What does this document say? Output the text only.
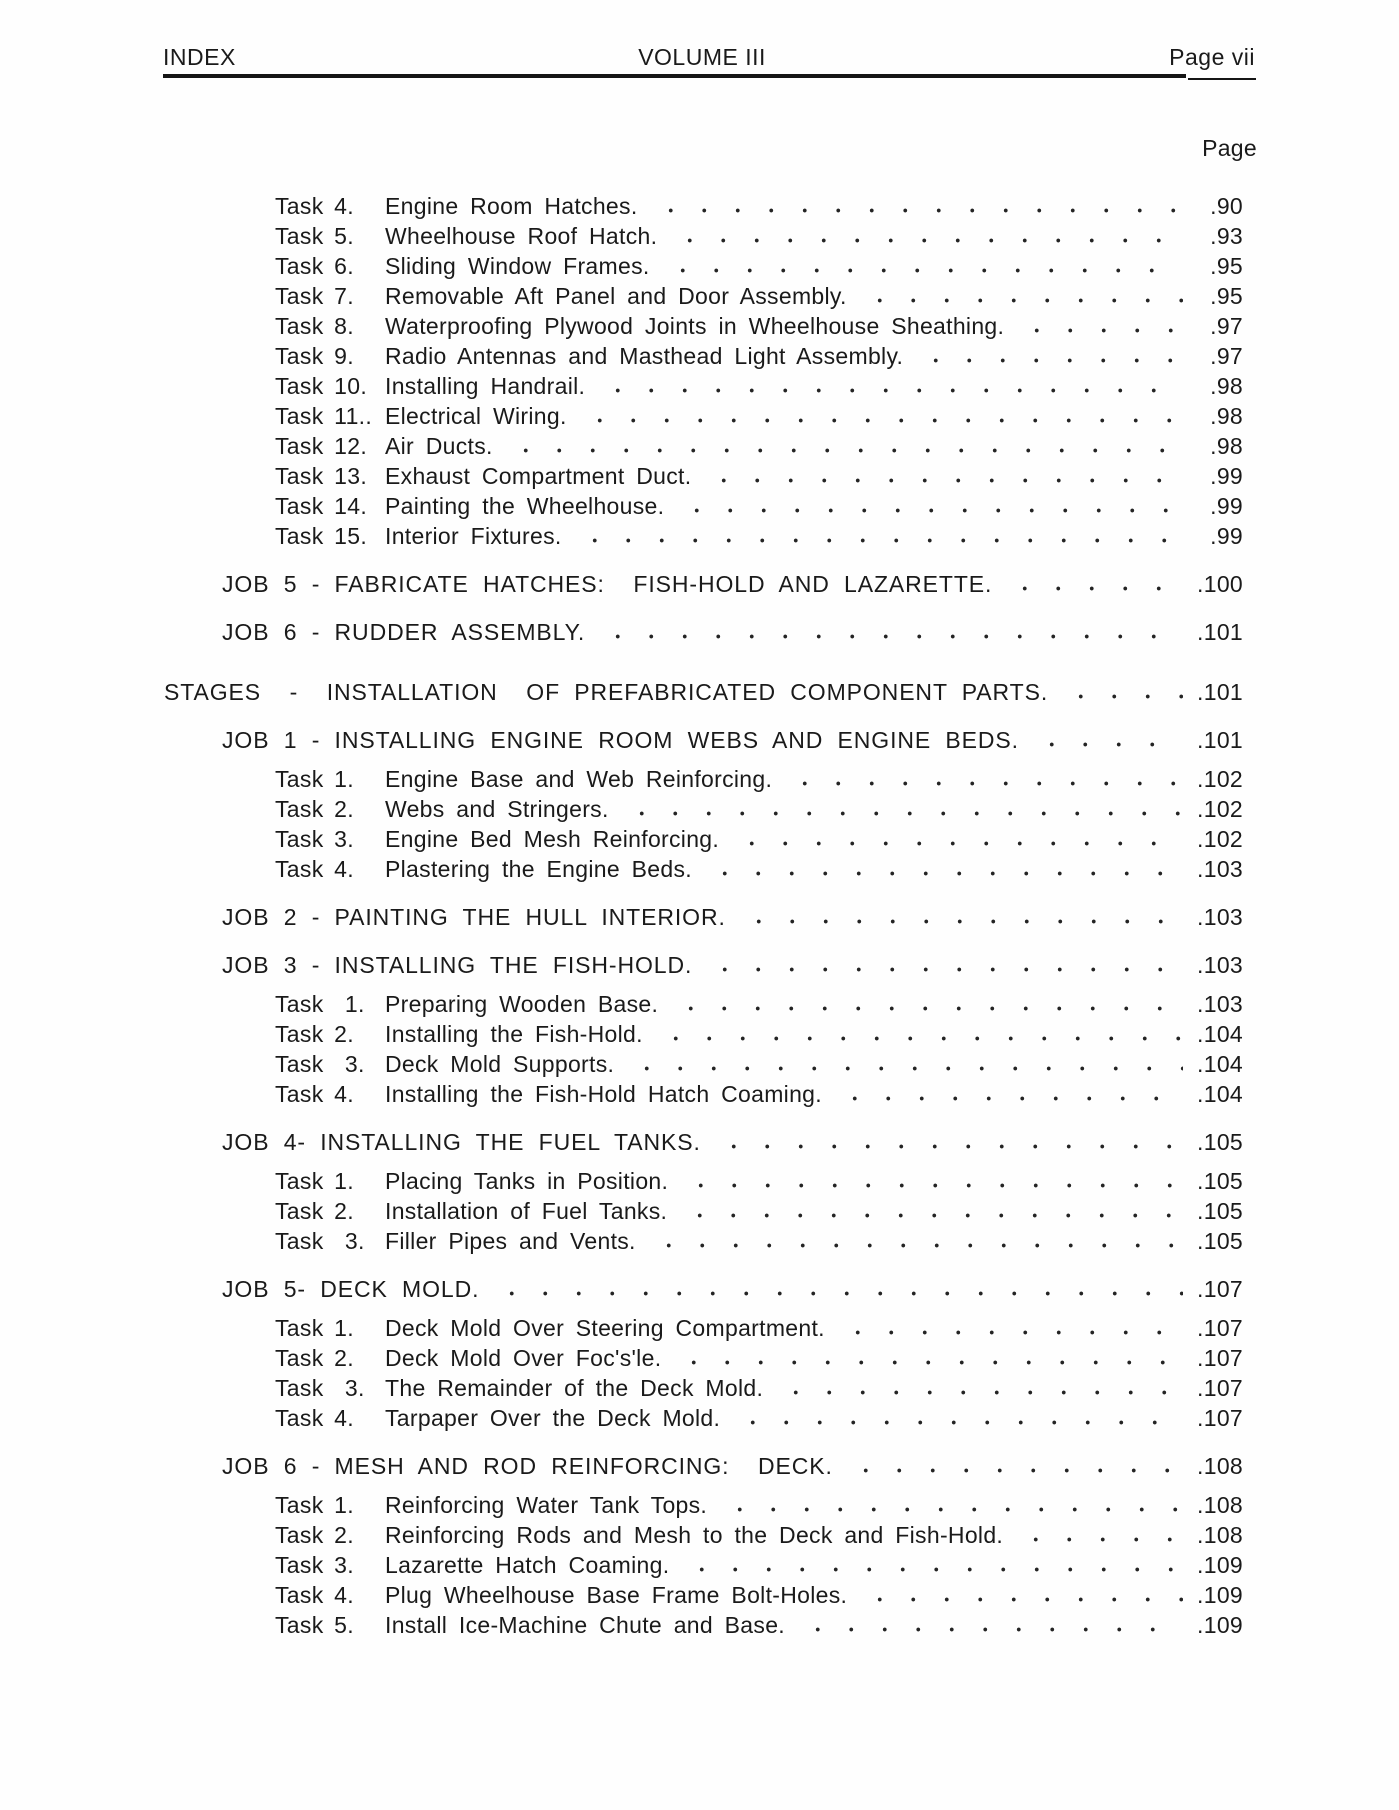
INDEX	VOLUME III	Page vii
Page
Task 4.	Engine Room Hatches.	.90
Task 5.	Wheelhouse Roof Hatch.	.93
Task 6.	Sliding Window Frames.	.95
Task 7.	Removable Aft Panel and Door Assembly.	.95
Task 8.	Waterproofing Plywood Joints in Wheelhouse Sheathing.	.97
Task 9.	Radio Antennas and Masthead Light Assembly.	.97
Task 10. Installing Handrail.	.98
Task 11.. Electrical Wiring.	.98
Task 12. Air Ducts.	.98
Task 13. Exhaust Compartment Duct.	.99
Task 14. Painting the Wheelhouse.	.99
Task 15. Interior Fixtures.	.99
JOB 5 - FABRICATE HATCHES:  FISH-HOLD AND LAZARETTE.	.100
JOB 6 - RUDDER ASSEMBLY.	.101
STAGES  -  INSTALLATION  OF PREFABRICATED COMPONENT PARTS.	.101
JOB 1 - INSTALLING ENGINE ROOM WEBS AND ENGINE BEDS.	.101
Task 1.	Engine Base and Web Reinforcing.	.102
Task 2.	Webs and Stringers.	.102
Task 3.	Engine Bed Mesh Reinforcing.	.102
Task 4.	Plastering the Engine Beds.	.103
JOB 2 - PAINTING THE HULL INTERIOR.	.103
JOB 3 - INSTALLING THE FISH-HOLD.	.103
Task  1. Preparing Wooden Base.	.103
Task 2.	Installing the Fish-Hold.	.104
Task  3. Deck Mold Supports.	.104
Task 4.	Installing the Fish-Hold Hatch Coaming.	.104
JOB 4- INSTALLING THE FUEL TANKS.	.105
Task 1.	Placing Tanks in Position.	.105
Task 2.	Installation of Fuel Tanks.	.105
Task  3. Filler Pipes and Vents.	.105
JOB 5- DECK MOLD.	.107
Task 1.	Deck Mold Over Steering Compartment.	.107
Task 2.	Deck Mold Over Foc's'le.	.107
Task  3. The Remainder of the Deck Mold.	.107
Task 4.	Tarpaper Over the Deck Mold.	.107
JOB 6 - MESH AND ROD REINFORCING:  DECK.	.108
Task 1.	Reinforcing Water Tank Tops.	.108
Task 2.	Reinforcing Rods and Mesh to the Deck and Fish-Hold.	.108
Task 3.	Lazarette Hatch Coaming.	.109
Task 4.	Plug Wheelhouse Base Frame Bolt-Holes.	.109
Task 5.	Install Ice-Machine Chute and Base.	.109
